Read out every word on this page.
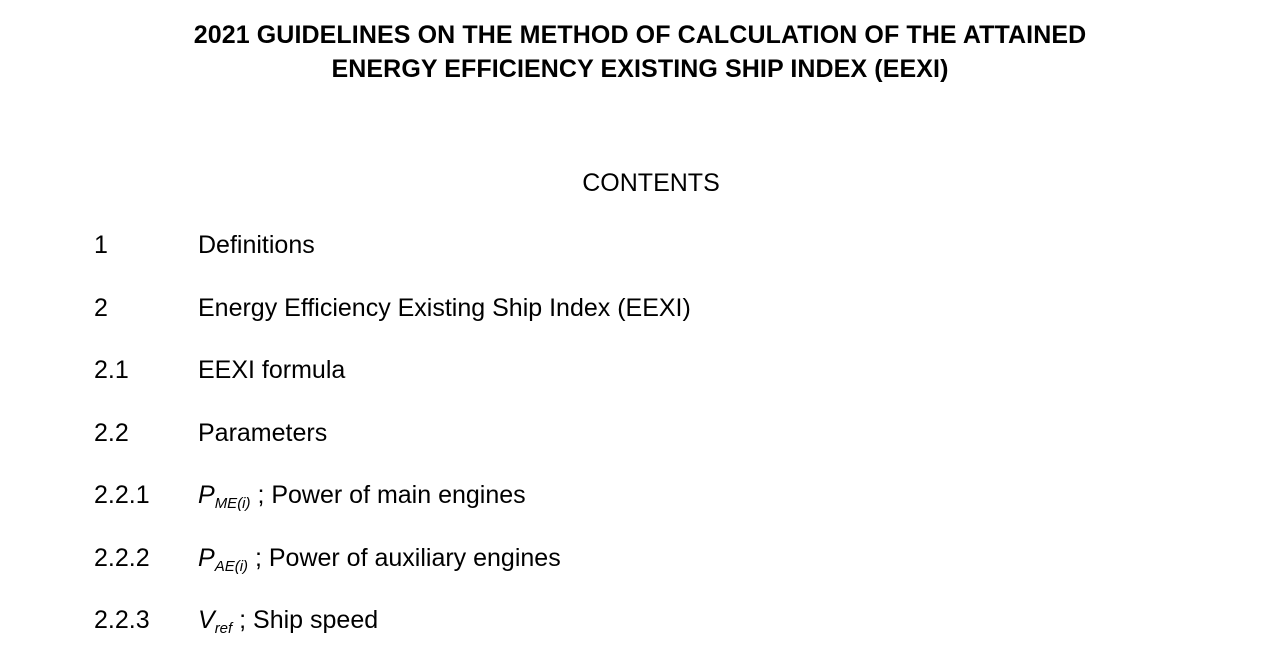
2021 GUIDELINES ON THE METHOD OF CALCULATION OF THE ATTAINED
ENERGY EFFICIENCY EXISTING SHIP INDEX (EEXI)
CONTENTS
1	Definitions
2	Energy Efficiency Existing Ship Index (EEXI)
2.1	EEXI formula
2.2	Parameters
2.2.1 $P_{ME(i)}$ ; Power of main engines
2.2.2 $P_{AE(i)}$ ; Power of auxiliary engines
2.2.3 $V_{ref}$ ; Ship speed
